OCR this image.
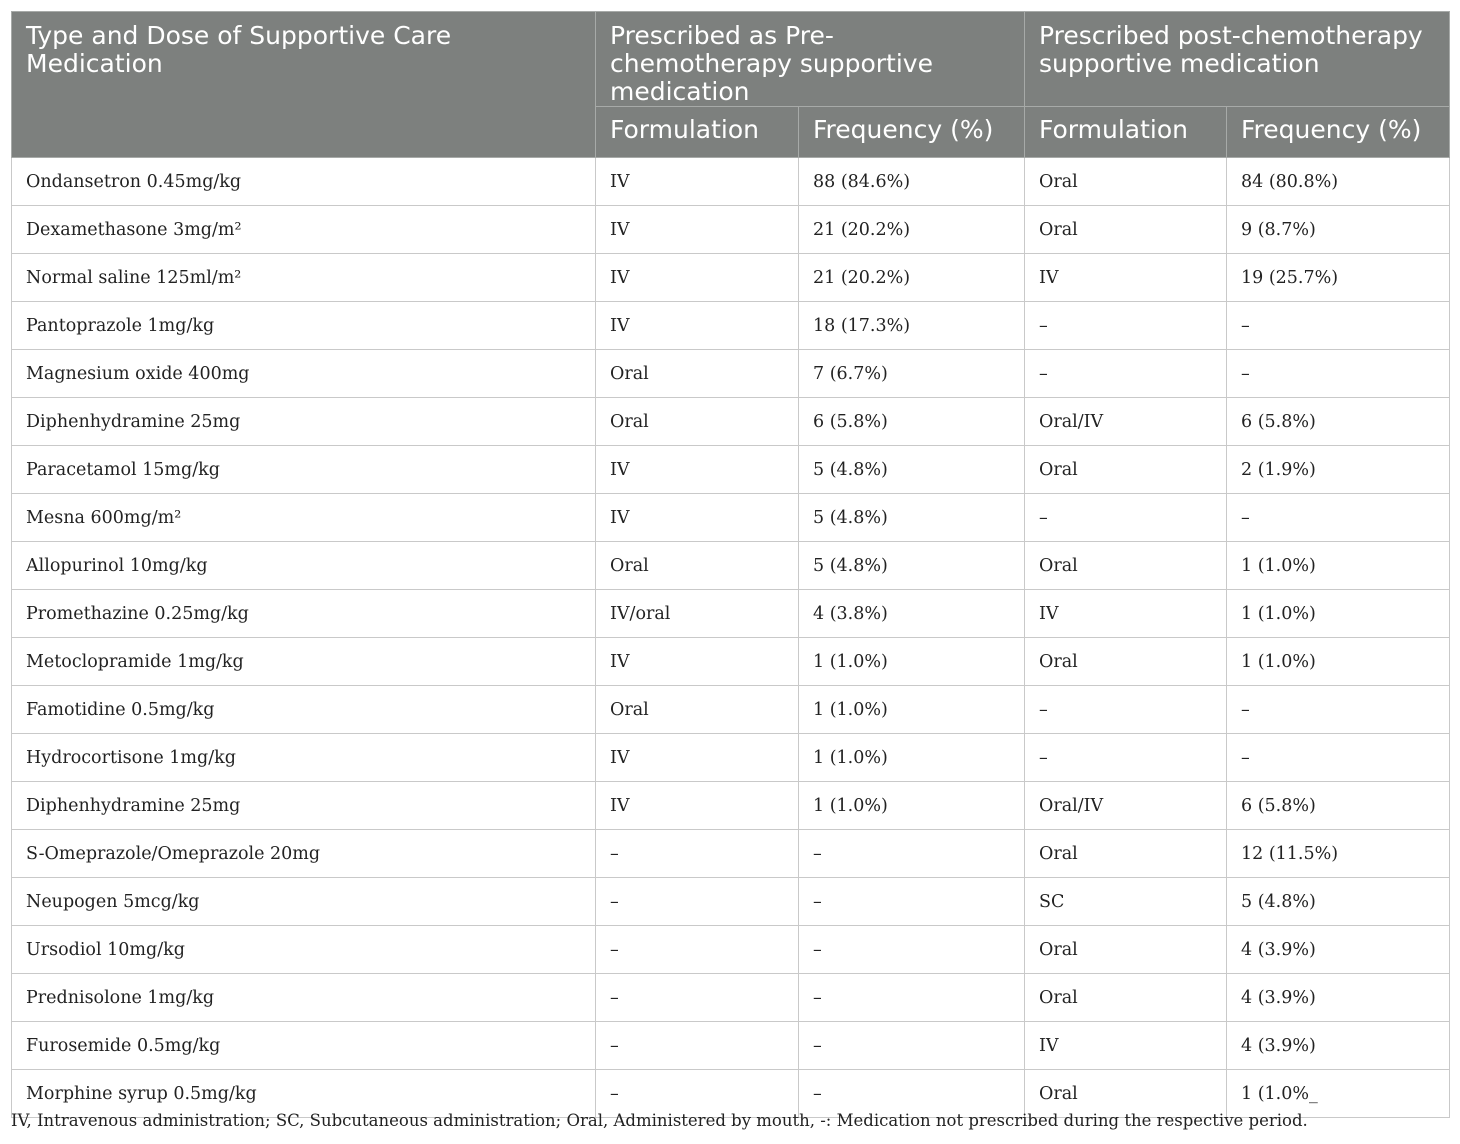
Type and Dose of Supportive Care Medication	Prescribed as Pre-chemotherapy supportive medication		Prescribed post-chemotherapy supportive medication	
	Formulation	Frequency (%)	Formulation	Frequency (%)
Ondansetron 0.45mg/kg	IV	88 (84.6%)	Oral	84 (80.8%)
Dexamethasone 3mg/m²	IV	21 (20.2%)	Oral	9 (8.7%)
Normal saline 125ml/m²	IV	21 (20.2%)	IV	19 (25.7%)
Pantoprazole 1mg/kg	IV	18 (17.3%)	–	–
Magnesium oxide 400mg	Oral	7 (6.7%)	–	–
Diphenhydramine 25mg	Oral	6 (5.8%)	Oral/IV	6 (5.8%)
Paracetamol 15mg/kg	IV	5 (4.8%)	Oral	2 (1.9%)
Mesna 600mg/m²	IV	5 (4.8%)	–	–
Allopurinol 10mg/kg	Oral	5 (4.8%)	Oral	1 (1.0%)
Promethazine 0.25mg/kg	IV/oral	4 (3.8%)	IV	1 (1.0%)
Metoclopramide 1mg/kg	IV	1 (1.0%)	Oral	1 (1.0%)
Famotidine 0.5mg/kg	Oral	1 (1.0%)	–	–
Hydrocortisone 1mg/kg	IV	1 (1.0%)	–	–
Diphenhydramine 25mg	IV	1 (1.0%)	Oral/IV	6 (5.8%)
S-Omeprazole/Omeprazole 20mg	–	–	Oral	12 (11.5%)
Neupogen 5mcg/kg	–	–	SC	5 (4.8%)
Ursodiol 10mg/kg	–	–	Oral	4 (3.9%)
Prednisolone 1mg/kg	–	–	Oral	4 (3.9%)
Furosemide 0.5mg/kg	–	–	IV	4 (3.9%)
Morphine syrup 0.5mg/kg	–	–	Oral	1 (1.0%_
IV, Intravenous administration; SC, Subcutaneous administration; Oral, Administered by mouth, -: Medication not prescribed during the respective period.
